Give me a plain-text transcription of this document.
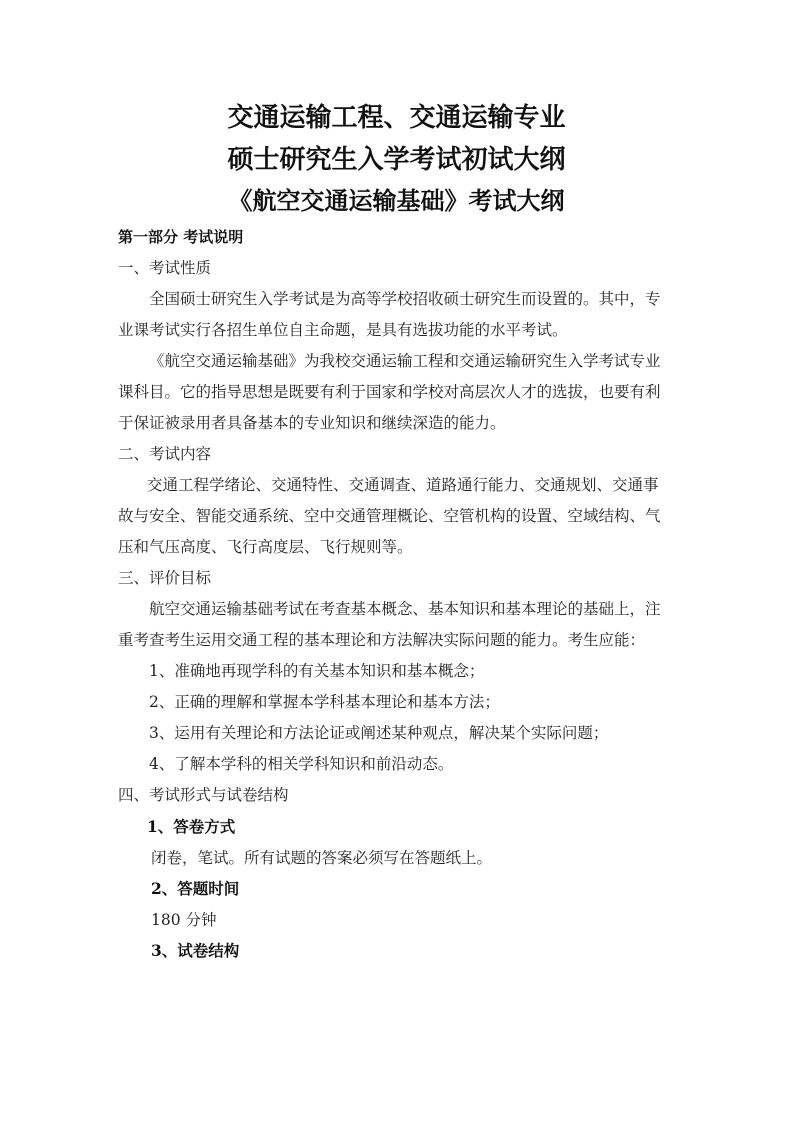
交通运输工程、交通运输专业
硕士研究生入学考试初试大纲
《航空交通运输基础》考试大纲
第一部分 考试说明
一、考试性质
全国硕士研究生入学考试是为高等学校招收硕士研究生而设置的。其中，专
业课考试实行各招生单位自主命题，是具有选拔功能的水平考试。
《航空交通运输基础》为我校交通运输工程和交通运输研究生入学考试专业
课科目。它的指导思想是既要有利于国家和学校对高层次人才的选拔，也要有利
于保证被录用者具备基本的专业知识和继续深造的能力。
二、考试内容
交通工程学绪论、交通特性、交通调查、道路通行能力、交通规划、交通事
故与安全、智能交通系统、空中交通管理概论、空管机构的设置、空域结构、气
压和气压高度、飞行高度层、飞行规则等。
三、评价目标
航空交通运输基础考试在考查基本概念、基本知识和基本理论的基础上，注
重考查考生运用交通工程的基本理论和方法解决实际问题的能力。考生应能：
1、准确地再现学科的有关基本知识和基本概念；
2、正确的理解和掌握本学科基本理论和基本方法；
3、运用有关理论和方法论证或阐述某种观点，解决某个实际问题；
4、了解本学科的相关学科知识和前沿动态。
四、考试形式与试卷结构
1、答卷方式
闭卷，笔试。所有试题的答案必须写在答题纸上。
2、答题时间
180 分钟
3、试卷结构
